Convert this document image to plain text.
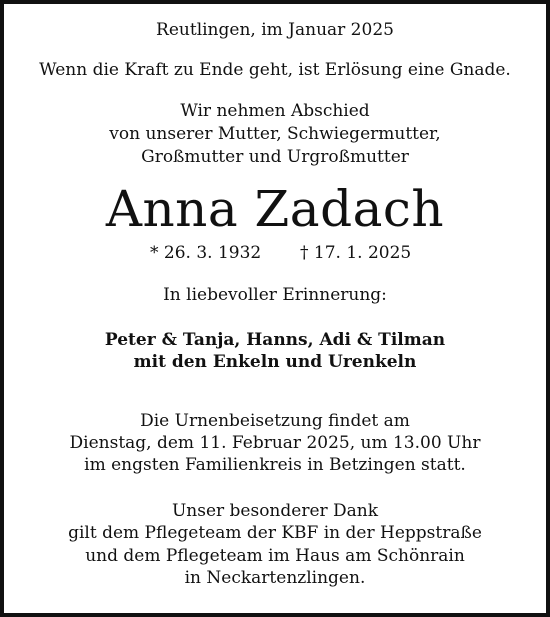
Reutlingen, im Januar 2025
Wenn die Kraft zu Ende geht, ist Erlösung eine Gnade.
Wir nehmen Abschied
von unserer Mutter, Schwiegermutter,
Großmutter und Urgroßmutter
Anna Zadach
* 26. 3. 1932 † 17. 1. 2025
In liebevoller Erinnerung:
Peter & Tanja, Hanns, Adi & Tilman
mit den Enkeln und Urenkeln
Die Urnenbeisetzung findet am
Dienstag, dem 11. Februar 2025, um 13.00 Uhr
im engsten Familienkreis in Betzingen statt.
Unser besonderer Dank
gilt dem Pflegeteam der KBF in der Heppstraße
und dem Pflegeteam im Haus am Schönrain
in Neckartenzlingen.
